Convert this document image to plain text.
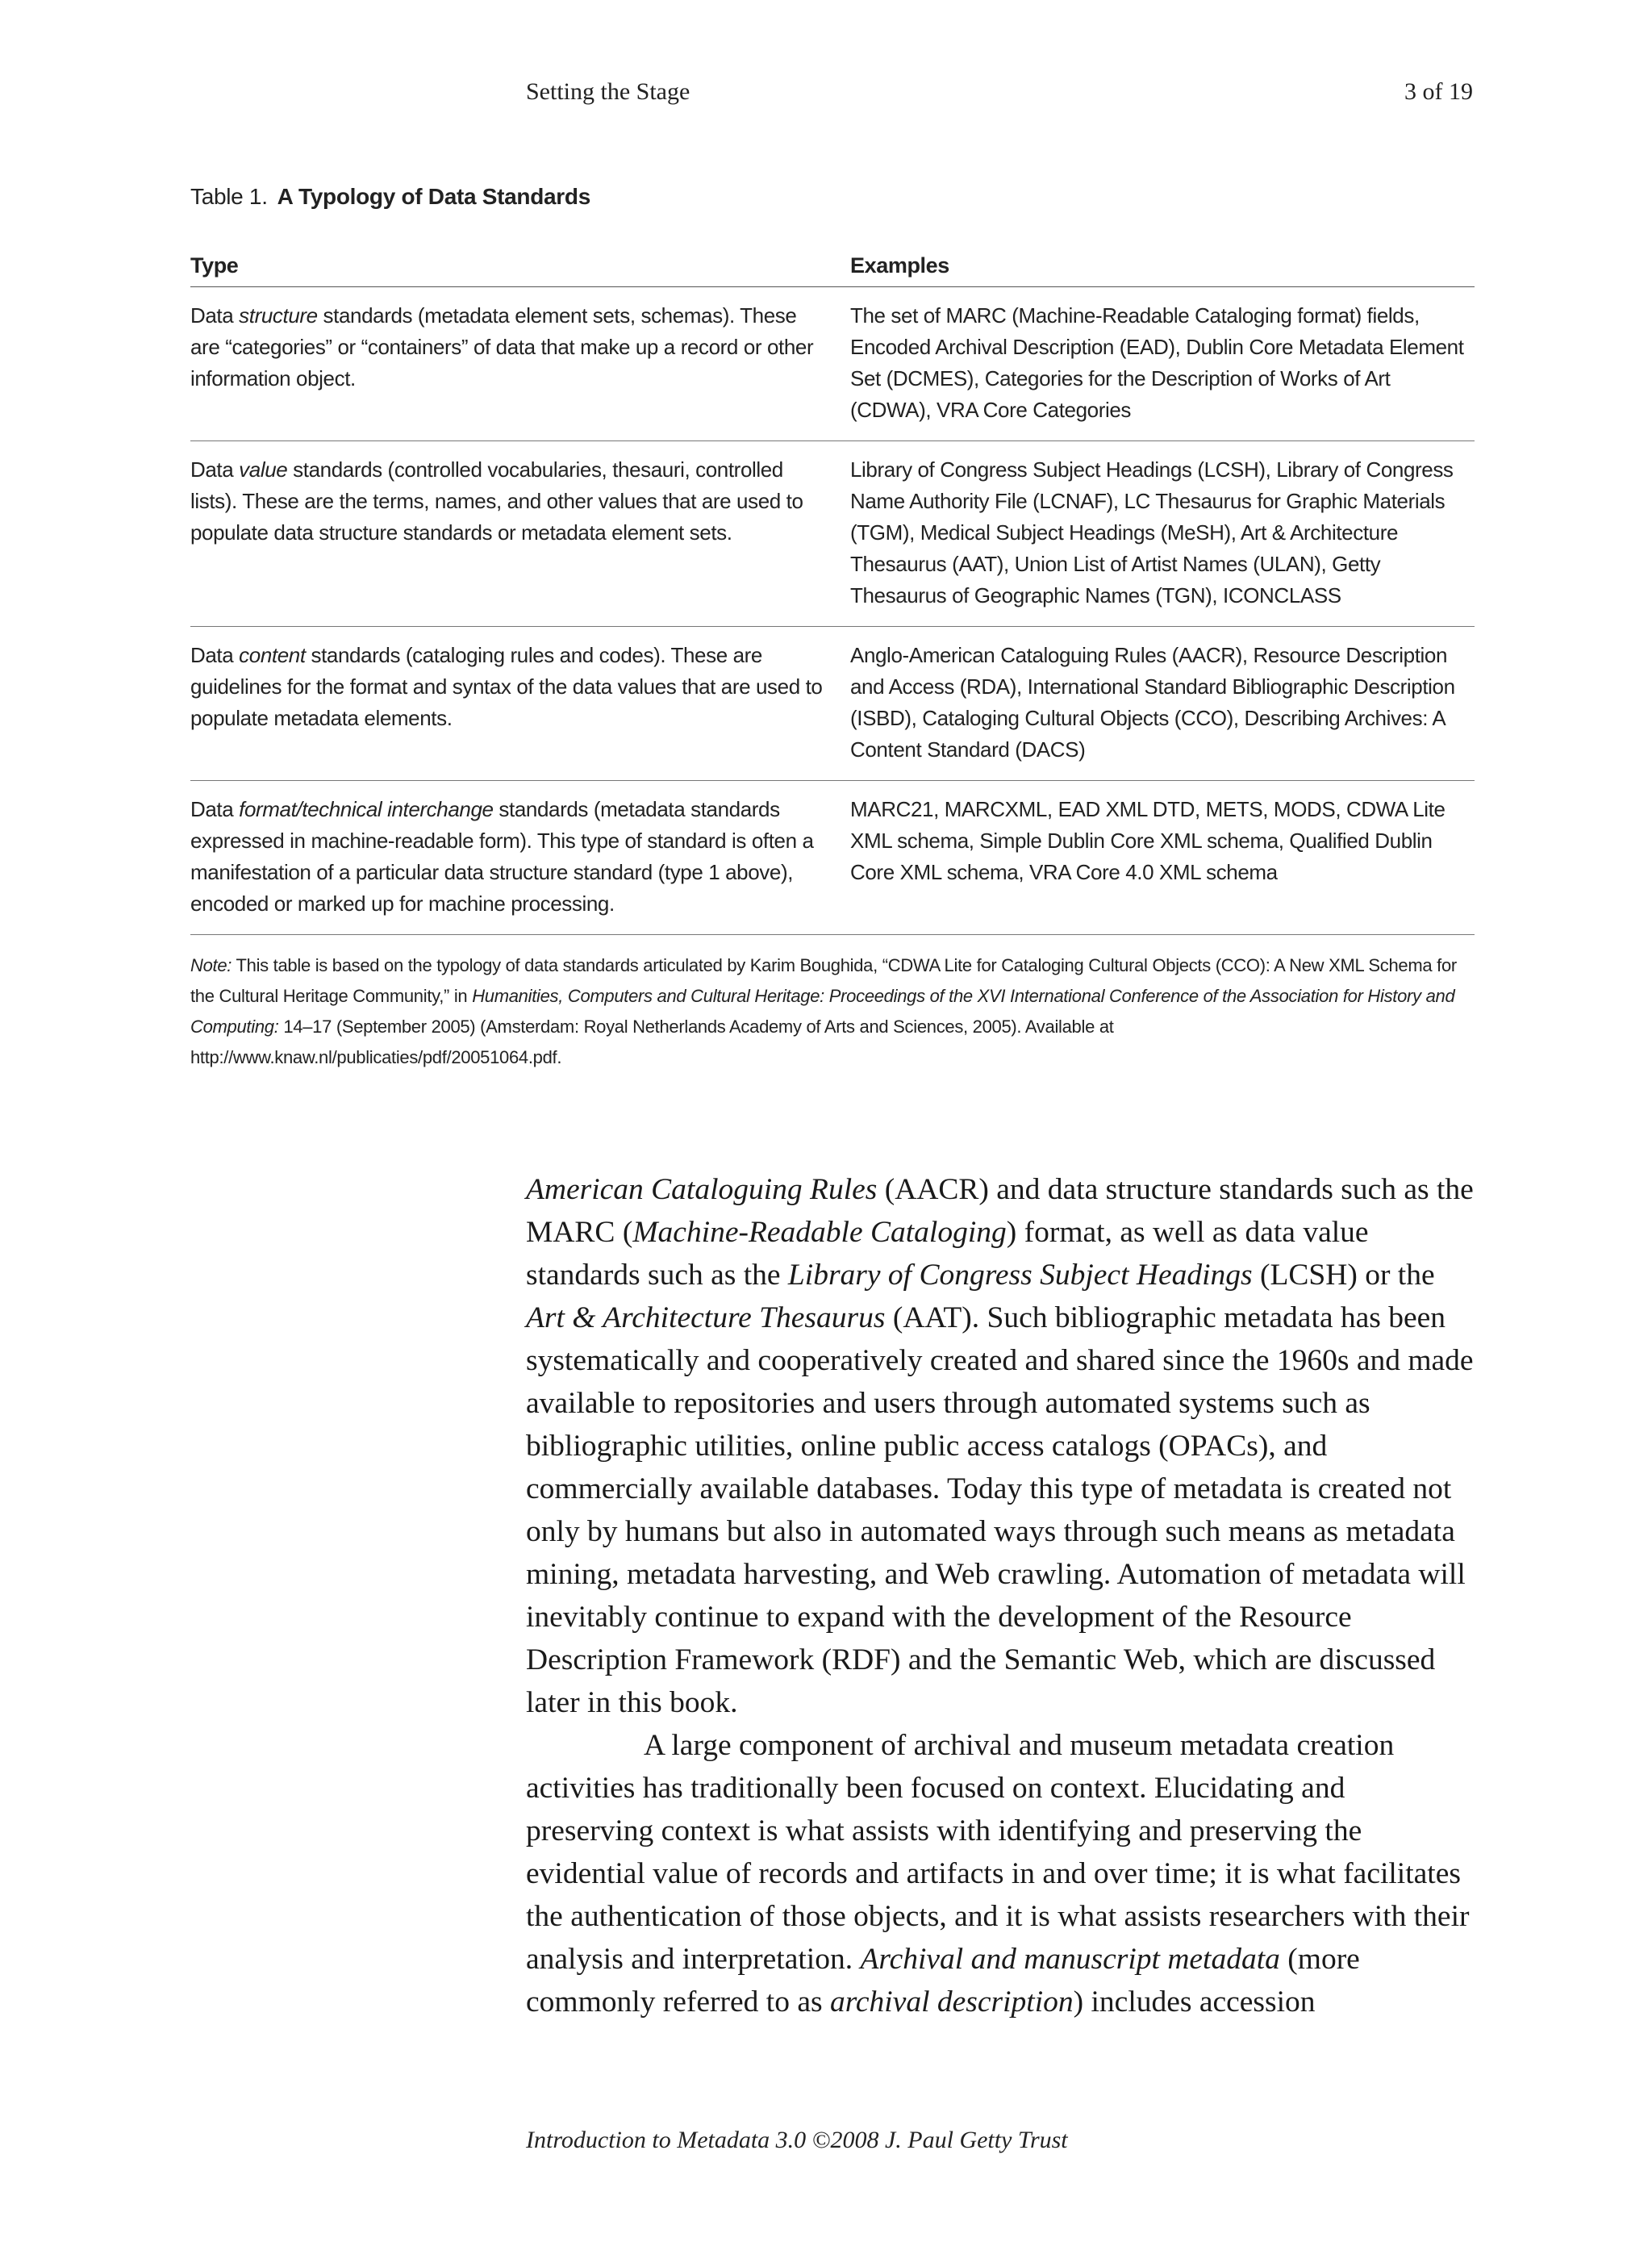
Setting the Stage	3 of 19
Table 1. A Typology of Data Standards
Type	Examples
Data structure standards (metadata element sets, schemas). These are “categories” or “containers” of data that make up a record or other information object.	The set of MARC (Machine-Readable Cataloging format) fields, Encoded Archival Description (EAD), Dublin Core Metadata Element Set (DCMES), Categories for the Description of Works of Art (CDWA), VRA Core Categories
Data value standards (controlled vocabularies, thesauri, controlled lists). These are the terms, names, and other values that are used to populate data structure standards or metadata element sets.	Library of Congress Subject Headings (LCSH), Library of Congress Name Authority File (LCNAF), LC Thesaurus for Graphic Materials (TGM), Medical Subject Headings (MeSH), Art & Architecture Thesaurus (AAT), Union List of Artist Names (ULAN), Getty Thesaurus of Geographic Names (TGN), ICONCLASS
Data content standards (cataloging rules and codes). These are guidelines for the format and syntax of the data values that are used to populate metadata elements.	Anglo-American Cataloguing Rules (AACR), Resource Description and Access (RDA), International Standard Bibliographic Description (ISBD), Cataloging Cultural Objects (CCO), Describing Archives: A Content Standard (DACS)
Data format/technical interchange standards (metadata standards expressed in machine-readable form). This type of standard is often a manifestation of a particular data structure standard (type 1 above), encoded or marked up for machine processing.	MARC21, MARCXML, EAD XML DTD, METS, MODS, CDWA Lite XML schema, Simple Dublin Core XML schema, Qualified Dublin Core XML schema, VRA Core 4.0 XML schema
Note: This table is based on the typology of data standards articulated by Karim Boughida, “CDWA Lite for Cataloging Cultural Objects (CCO): A New XML Schema for the Cultural Heritage Community,” in Humanities, Computers and Cultural Heritage: Proceedings of the XVI International Conference of the Association for History and Computing: 14–17 (September 2005) (Amsterdam: Royal Netherlands Academy of Arts and Sciences, 2005). Available at http://www.knaw.nl/publicaties/pdf/20051064.pdf.

American Cataloguing Rules (AACR) and data structure standards such as the MARC (Machine-Readable Cataloging) format, as well as data value standards such as the Library of Congress Subject Headings (LCSH) or the Art & Architecture Thesaurus (AAT). Such bibliographic metadata has been systematically and cooperatively created and shared since the 1960s and made available to repositories and users through automated systems such as bibliographic utilities, online public access catalogs (OPACs), and commercially available databases. Today this type of metadata is created not only by humans but also in automated ways through such means as metadata mining, metadata harvesting, and Web crawling. Automation of metadata will inevitably continue to expand with the development of the Resource Description Framework (RDF) and the Semantic Web, which are discussed later in this book.

A large component of archival and museum metadata creation activities has traditionally been focused on context. Elucidating and preserving context is what assists with identifying and preserving the evidential value of records and artifacts in and over time; it is what facilitates the authentication of those objects, and it is what assists researchers with their analysis and interpretation. Archival and manuscript metadata (more commonly referred to as archival description) includes accession

Introduction to Metadata 3.0 ©2008 J. Paul Getty Trust
